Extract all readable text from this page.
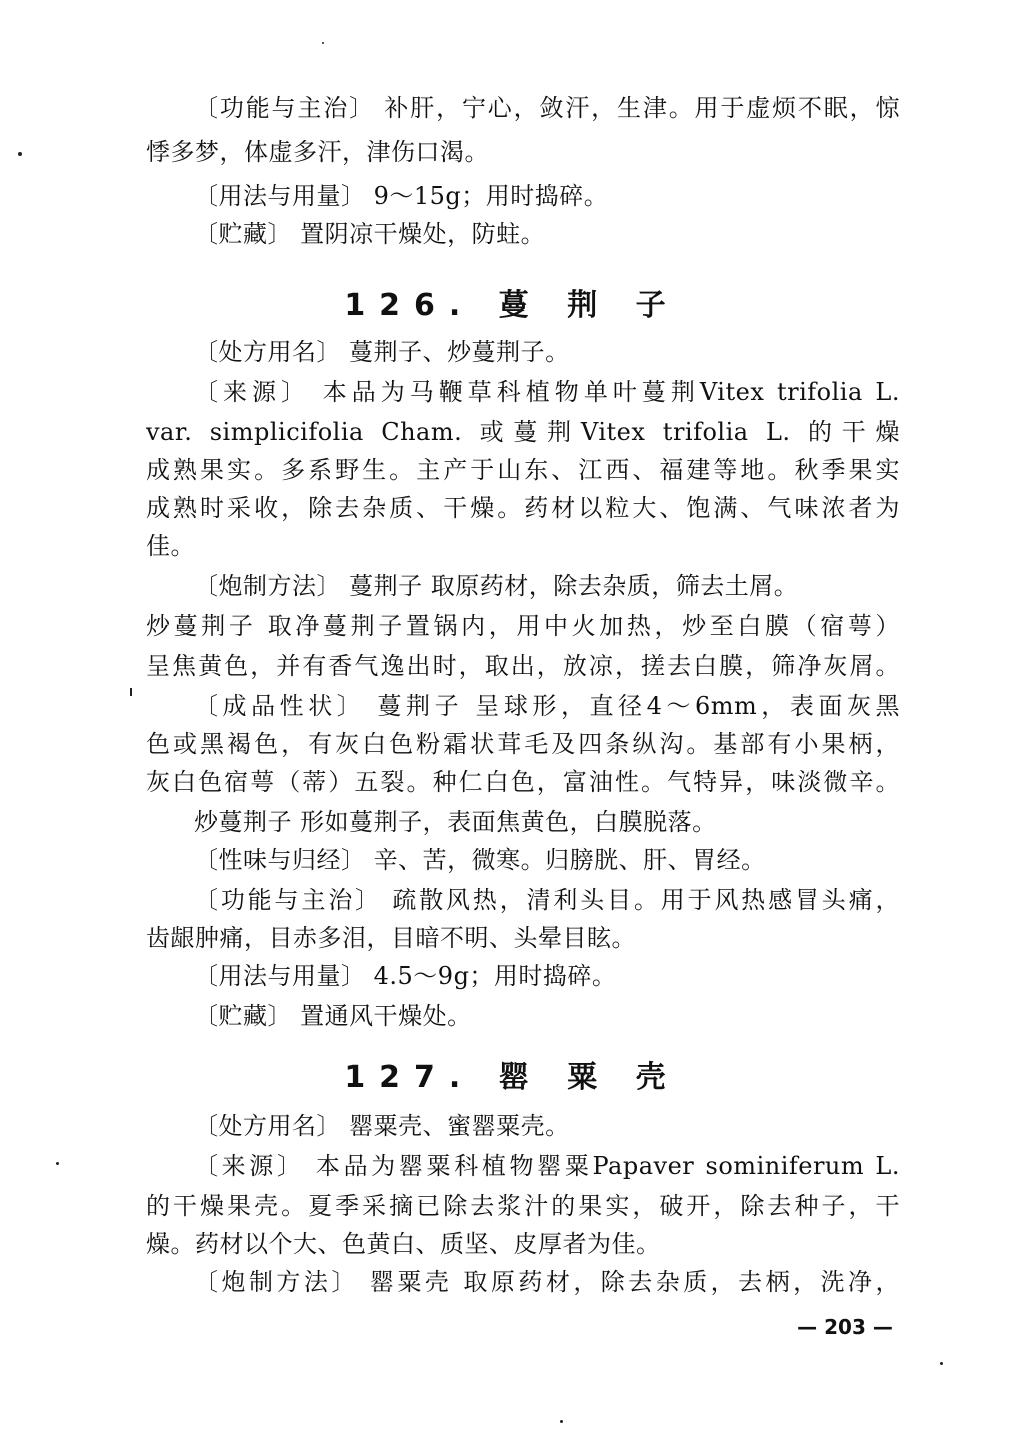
〔功能与主治〕 补肝，宁心，敛汗，生津。用于虚烦不眠，惊
悸多梦，体虚多汗，津伤口渴。
〔用法与用量〕 9～15g；用时捣碎。
〔贮藏〕 置阴凉干燥处，防蛀。
126. 蔓 荆 子
〔处方用名〕 蔓荆子、炒蔓荆子。
〔来源〕 本品为马鞭草科植物单叶蔓荆Vitex trifolia L.
var. simplicifolia Cham. 或蔓荆Vitex trifolia L. 的干燥
成熟果实。多系野生。主产于山东、江西、福建等地。秋季果实
成熟时采收，除去杂质、干燥。药材以粒大、饱满、气味浓者为
佳。
〔炮制方法〕 蔓荆子 取原药材，除去杂质，筛去土屑。
炒蔓荆子 取净蔓荆子置锅内，用中火加热，炒至白膜（宿萼）
呈焦黄色，并有香气逸出时，取出，放凉，搓去白膜，筛净灰屑。
〔成品性状〕 蔓荆子 呈球形，直径4～6mm，表面灰黑
色或黑褐色，有灰白色粉霜状茸毛及四条纵沟。基部有小果柄，
灰白色宿萼（蒂）五裂。种仁白色，富油性。气特异，味淡微辛。
炒蔓荆子 形如蔓荆子，表面焦黄色，白膜脱落。
〔性味与归经〕 辛、苦，微寒。归膀胱、肝、胃经。
〔功能与主治〕 疏散风热，清利头目。用于风热感冒头痛，
齿龈肿痛，目赤多泪，目暗不明、头晕目眩。
〔用法与用量〕 4.5～9g；用时捣碎。
〔贮藏〕 置通风干燥处。
127. 罂 粟 壳
〔处方用名〕 罂粟壳、蜜罂粟壳。
〔来源〕 本品为罂粟科植物罂粟Papaver sominiferum L.
的干燥果壳。夏季采摘已除去浆汁的果实，破开，除去种子，干
燥。药材以个大、色黄白、质坚、皮厚者为佳。
〔炮制方法〕 罂粟壳 取原药材，除去杂质，去柄，洗净，
— 203 —
